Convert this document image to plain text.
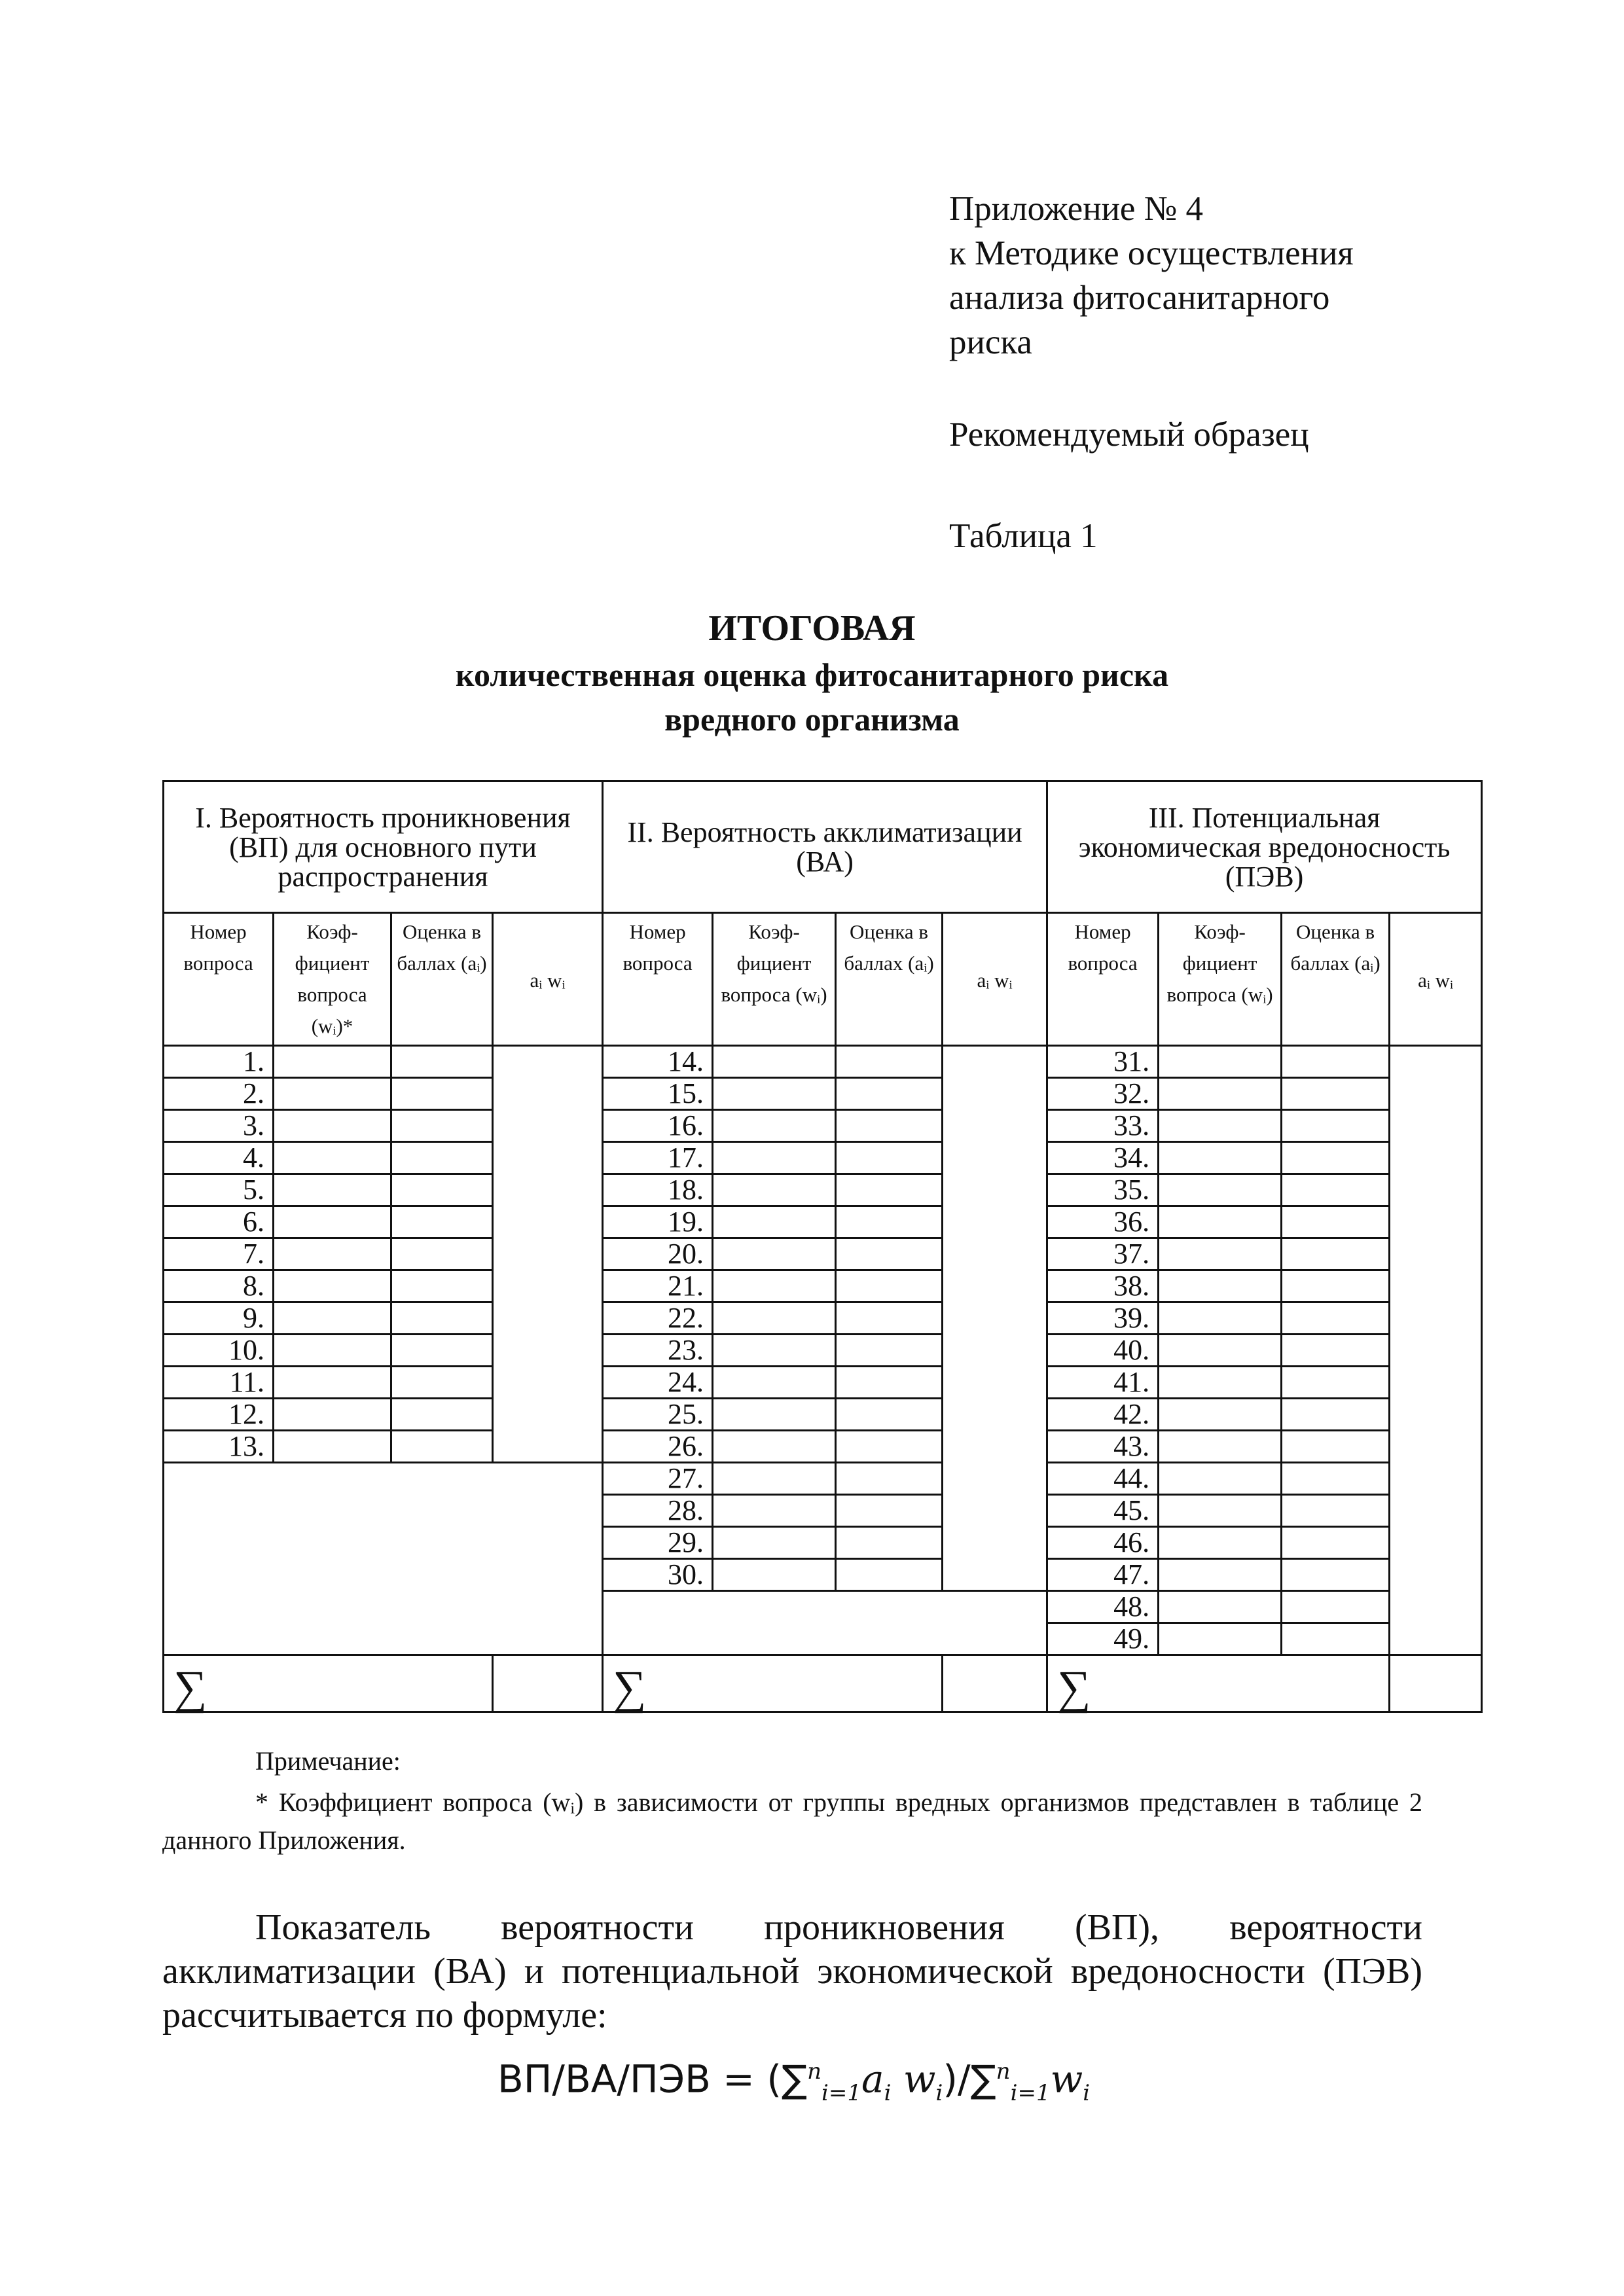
Приложение № 4
к Методике осуществления
анализа фитосанитарного
риска
Рекомендуемый образец
Таблица 1
ИТОГОВАЯ
количественная оценка фитосанитарного риска
вредного организма
I. Вероятность проникновения (ВП) для основного пути распространения				II. Вероятность акклиматизации (ВА)				III. Потенциальная экономическая вредоносность (ПЭВ)			
Номер вопроса	Коэф- фициент вопроса (wᵢ)*	Оценка в баллах (aᵢ)	aᵢ wᵢ	Номер вопроса	Коэф- фициент вопроса (wᵢ)	Оценка в баллах (aᵢ)	aᵢ wᵢ	Номер вопроса	Коэф- фициент вопроса (wᵢ)	Оценка в баллах (aᵢ)	aᵢ wᵢ
1.				14.				31.			
2.				15.				32.			
3.				16.				33.			
4.				17.				34.			
5.				18.				35.			
6.				19.				36.			
7.				20.				37.			
8.				21.				38.			
9.				22.				39.			
10.				23.				40.			
11.				24.				41.			
12.				25.				42.			
13.				26.				43.			
				27.				44.			
				28.				45.			
				29.				46.			
				30.				47.			
								48.			
								49.			
∑				∑				∑			
Примечание:
* Коэффициент вопроса (wᵢ) в зависимости от группы вредных организмов представлен в таблице 2 данного Приложения.
Показатель вероятности проникновения (ВП), вероятности акклиматизации (ВА) и потенциальной экономической вредоносности (ПЭВ) рассчитывается по формуле:
$ВП/ВА/ПЭВ = (\sum^n_{i=1}a_i$ $w_i)/\sum^n_{i=1}w_i$
